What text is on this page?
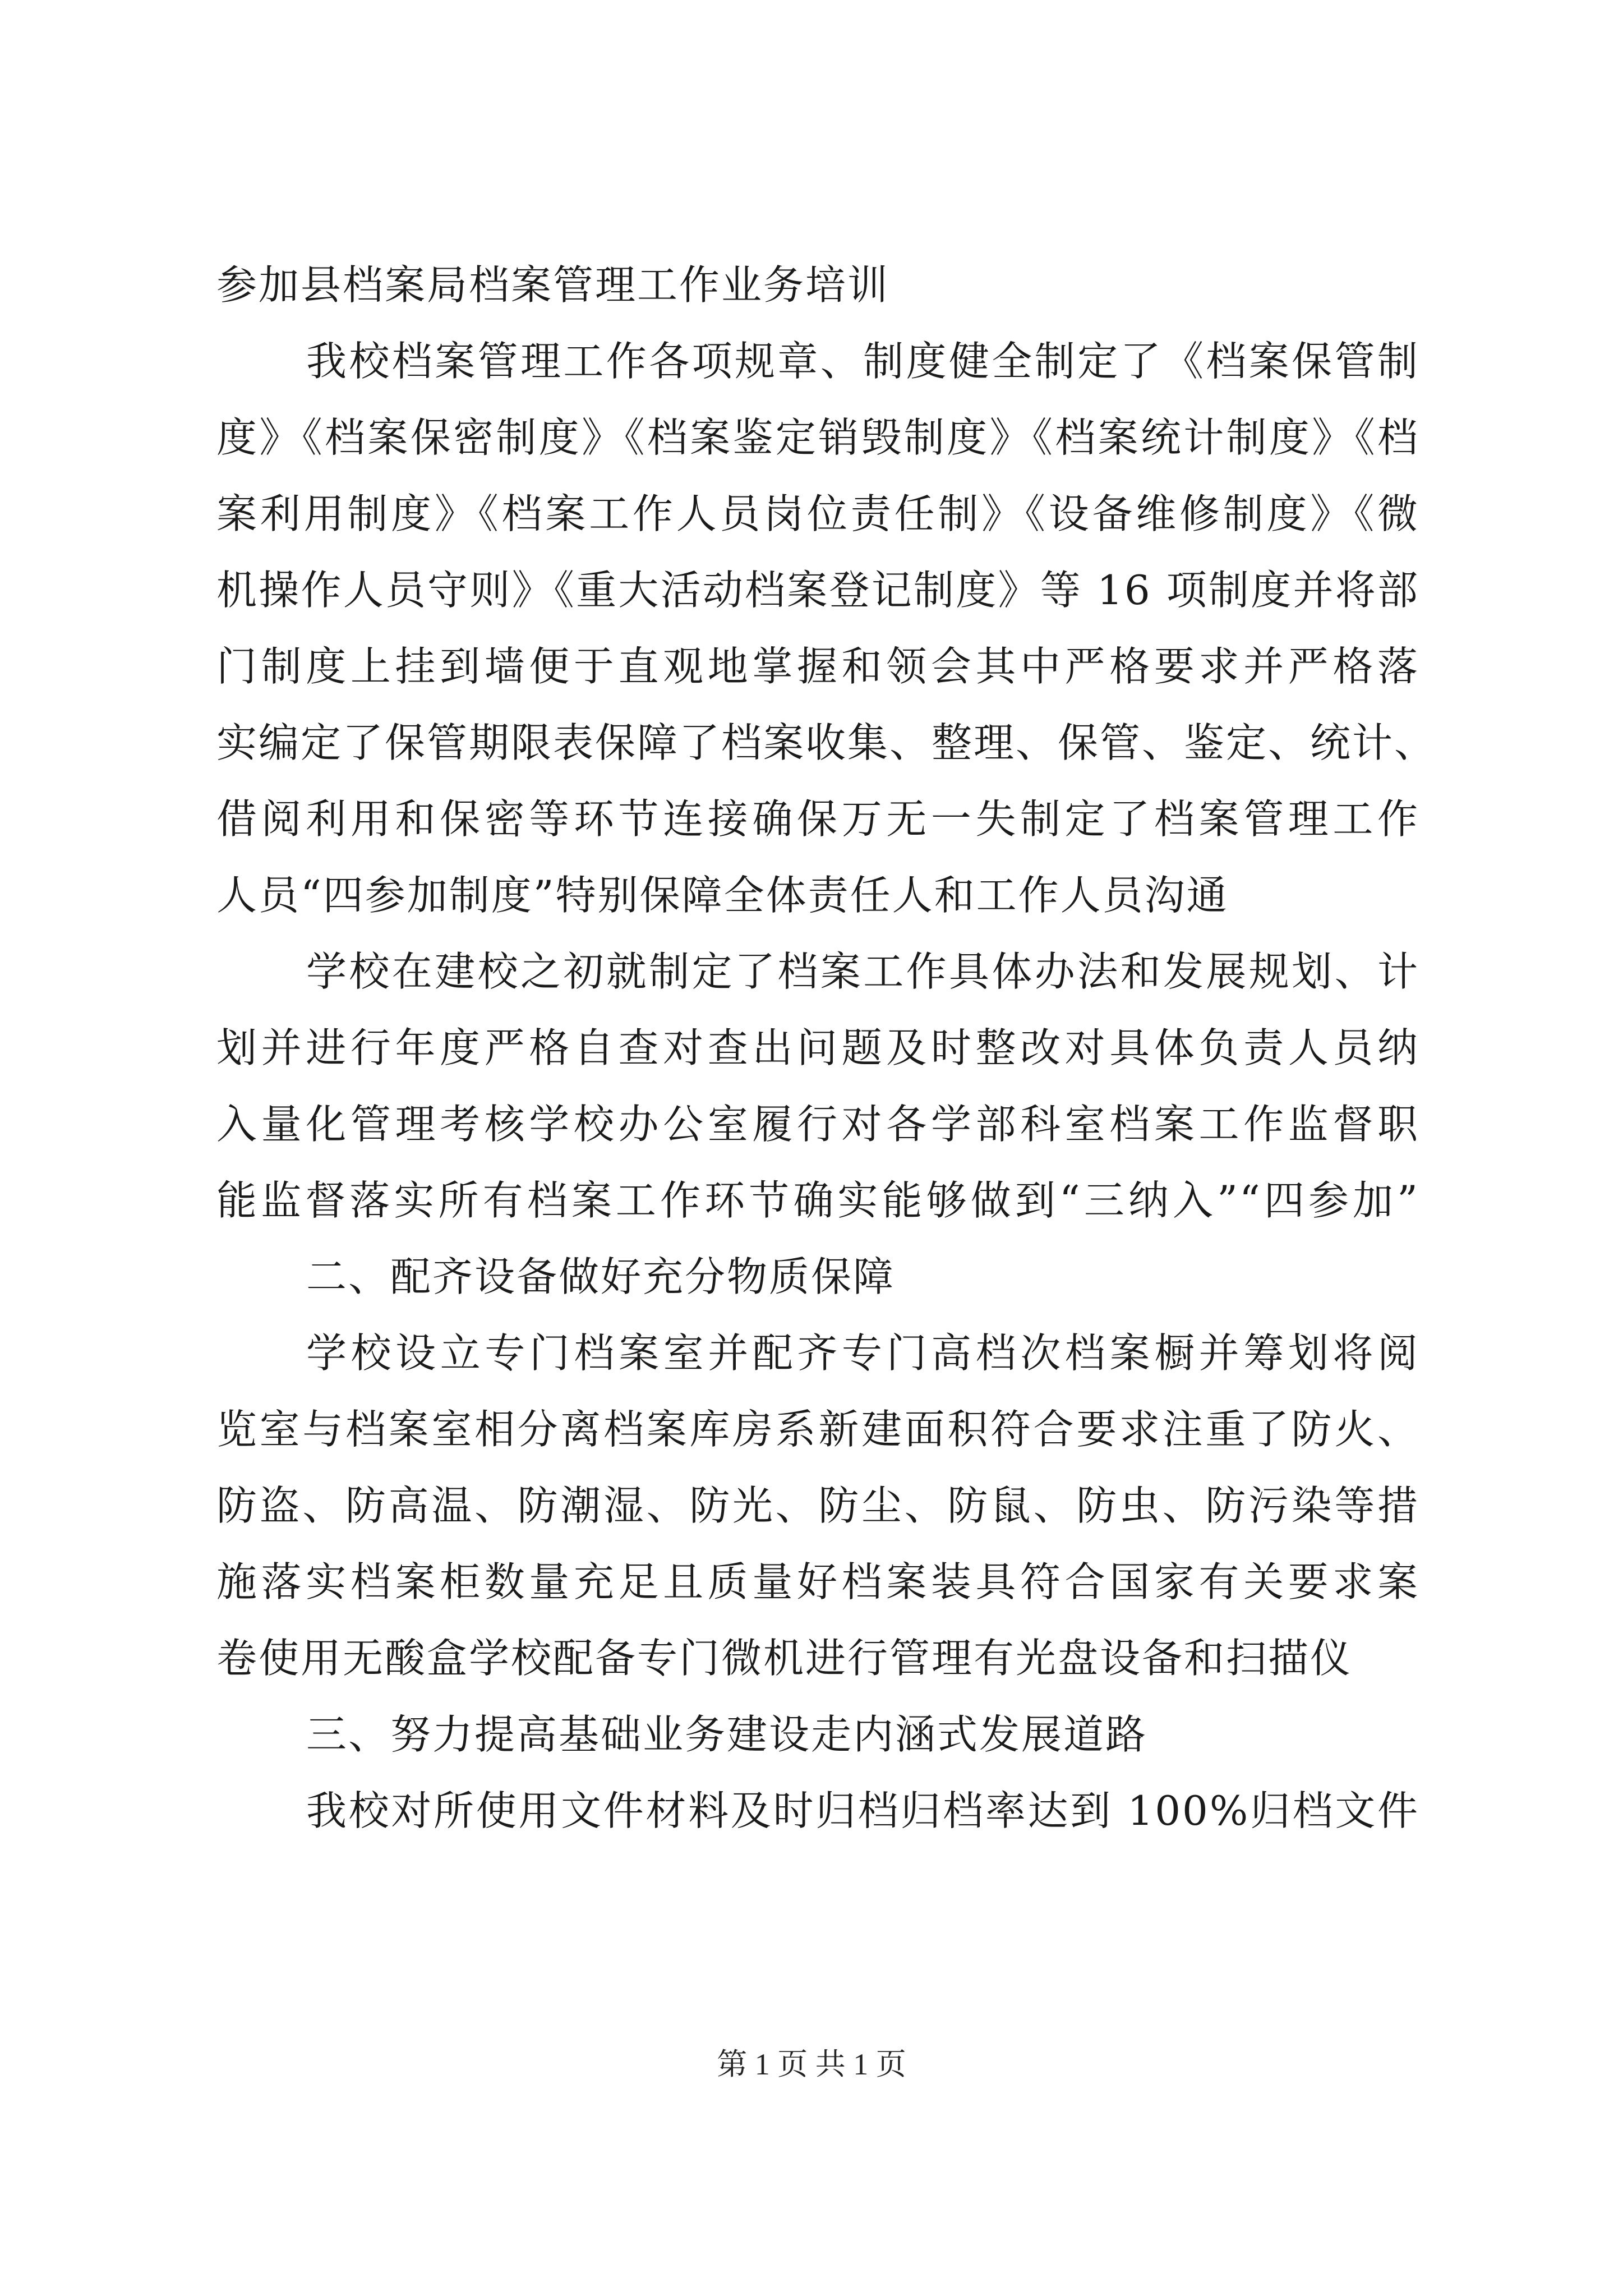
参加县档案局档案管理工作业务培训
我校档案管理工作各项规章、制度健全制定了《档案保管制
度》《档案保密制度》《档案鉴定销毁制度》《档案统计制度》《档
案利用制度》《档案工作人员岗位责任制》《设备维修制度》《微
机操作人员守则》《重大活动档案登记制度》等 16 项制度并将部
门制度上挂到墙便于直观地掌握和领会其中严格要求并严格落
实编定了保管期限表保障了档案收集、整理、保管、鉴定、统计、
借阅利用和保密等环节连接确保万无一失制定了档案管理工作
人员“四参加制度”特别保障全体责任人和工作人员沟通
学校在建校之初就制定了档案工作具体办法和发展规划、计
划并进行年度严格自查对查出问题及时整改对具体负责人员纳
入量化管理考核学校办公室履行对各学部科室档案工作监督职
能监督落实所有档案工作环节确实能够做到“三纳入”“四参加”
二、配齐设备做好充分物质保障
学校设立专门档案室并配齐专门高档次档案橱并筹划将阅
览室与档案室相分离档案库房系新建面积符合要求注重了防火、
防盗、防高温、防潮湿、防光、防尘、防鼠、防虫、防污染等措
施落实档案柜数量充足且质量好档案装具符合国家有关要求案
卷使用无酸盒学校配备专门微机进行管理有光盘设备和扫描仪
三、努力提高基础业务建设走内涵式发展道路
我校对所使用文件材料及时归档归档率达到 100%归档文件
第 1 页 共 1 页
